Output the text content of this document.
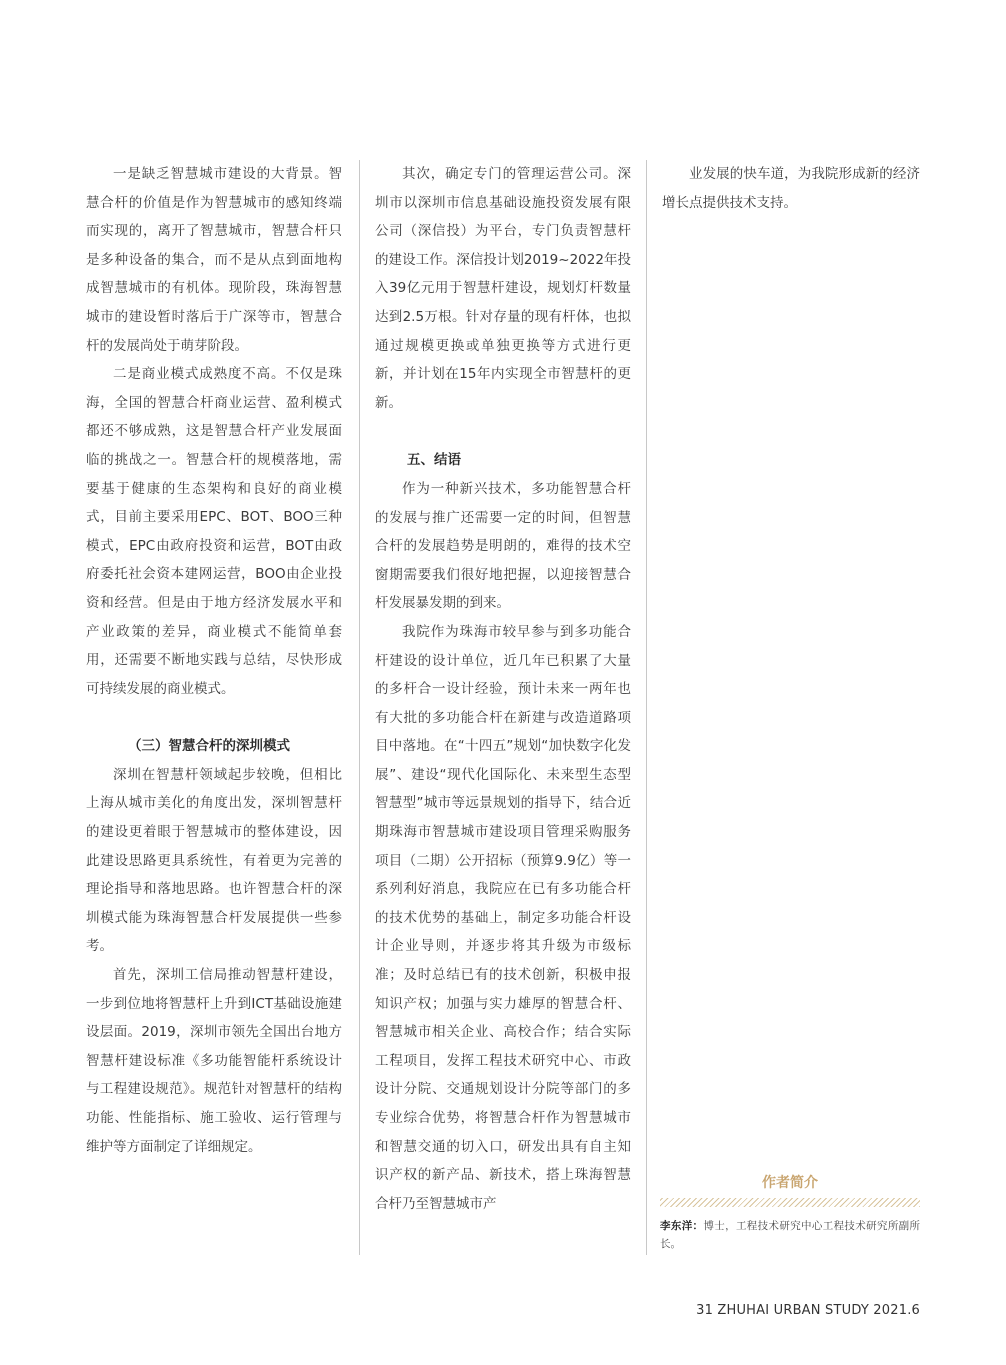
一是缺乏智慧城市建设的大背景。智慧合杆的价值是作为智慧城市的感知终端而实现的，离开了智慧城市，智慧合杆只是多种设备的集合，而不是从点到面地构成智慧城市的有机体。现阶段，珠海智慧城市的建设暂时落后于广深等市，智慧合杆的发展尚处于萌芽阶段。

二是商业模式成熟度不高。不仅是珠海，全国的智慧合杆商业运营、盈利模式都还不够成熟，这是智慧合杆产业发展面临的挑战之一。智慧合杆的规模落地，需要基于健康的生态架构和良好的商业模式，目前主要采用EPC、BOT、BOO三种模式，EPC由政府投资和运营，BOT由政府委托社会资本建网运营，BOO由企业投资和经营。但是由于地方经济发展水平和产业政策的差异，商业模式不能简单套用，还需要不断地实践与总结，尽快形成可持续发展的商业模式。

（三）智慧合杆的深圳模式

深圳在智慧杆领域起步较晚，但相比上海从城市美化的角度出发，深圳智慧杆的建设更着眼于智慧城市的整体建设，因此建设思路更具系统性，有着更为完善的理论指导和落地思路。也许智慧合杆的深圳模式能为珠海智慧合杆发展提供一些参考。

首先，深圳工信局推动智慧杆建设，一步到位地将智慧杆上升到ICT基础设施建设层面。2019，深圳市领先全国出台地方智慧杆建设标准《多功能智能杆系统设计与工程建设规范》。规范针对智慧杆的结构功能、性能指标、施工验收、运行管理与维护等方面制定了详细规定。

其次，确定专门的管理运营公司。深圳市以深圳市信息基础设施投资发展有限公司（深信投）为平台，专门负责智慧杆的建设工作。深信投计划2019~2022年投入39亿元用于智慧杆建设，规划灯杆数量达到2.5万根。针对存量的现有杆体，也拟通过规模更换或单独更换等方式进行更新，并计划在15年内实现全市智慧杆的更新。

五、结语

作为一种新兴技术，多功能智慧合杆的发展与推广还需要一定的时间，但智慧合杆的发展趋势是明朗的，难得的技术空窗期需要我们很好地把握，以迎接智慧合杆发展暴发期的到来。

我院作为珠海市较早参与到多功能合杆建设的设计单位，近几年已积累了大量的多杆合一设计经验，预计未来一两年也有大批的多功能合杆在新建与改造道路项目中落地。在“十四五”规划“加快数字化发展”、建设“现代化国际化、未来型生态型智慧型”城市等远景规划的指导下，结合近期珠海市智慧城市建设项目管理采购服务项目（二期）公开招标（预算9.9亿）等一系列利好消息，我院应在已有多功能合杆的技术优势的基础上，制定多功能合杆设计企业导则，并逐步将其升级为市级标准；及时总结已有的技术创新，积极申报知识产权；加强与实力雄厚的智慧合杆、智慧城市相关企业、高校合作；结合实际工程项目，发挥工程技术研究中心、市政设计分院、交通规划设计分院等部门的多专业综合优势，将智慧合杆作为智慧城市和智慧交通的切入口，研发出具有自主知识产权的新产品、新技术，搭上珠海智慧合杆乃至智慧城市产

业发展的快车道，为我院形成新的经济增长点提供技术支持。

作者简介
李东洋：博士，工程技术研究中心工程技术研究所副所长。
31 ZHUHAI URBAN STUDY 2021.6
